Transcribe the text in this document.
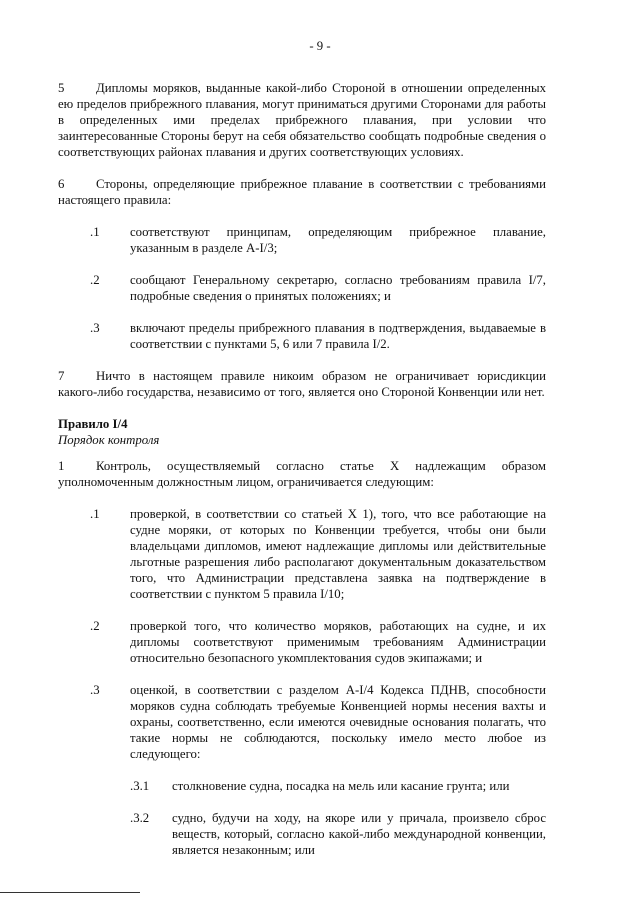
- 9 -

5 Дипломы моряков, выданные какой-либо Стороной в отношении определенных ею пределов прибрежного плавания, могут приниматься другими Сторонами для работы в определенных ими пределах прибрежного плавания, при условии что заинтересованные Стороны берут на себя обязательство сообщать подробные сведения о соответствующих районах плавания и других соответствующих условиях.

6 Стороны, определяющие прибрежное плавание в соответствии с требованиями настоящего правила:

.1 соответствуют принципам, определяющим прибрежное плавание, указанным в разделе A-I/3;
.2 сообщают Генеральному секретарю, согласно требованиям правила I/7, подробные сведения о принятых положениях; и
.3 включают пределы прибрежного плавания в подтверждения, выдаваемые в соответствии с пунктами 5, 6 или 7 правила I/2.

7 Ничто в настоящем правиле никоим образом не ограничивает юрисдикции какого-либо государства, независимо от того, является оно Стороной Конвенции или нет.

Правило I/4

Порядок контроля

1 Контроль, осуществляемый согласно статье X надлежащим образом уполномоченным должностным лицом, ограничивается следующим:

.1 проверкой, в соответствии со статьей X 1), того, что все работающие на судне моряки, от которых по Конвенции требуется, чтобы они были владельцами дипломов, имеют надлежащие дипломы или действительные льготные разрешения либо располагают документальным доказательством того, что Администрации представлена заявка на подтверждение в соответствии с пунктом 5 правила I/10;
.2 проверкой того, что количество моряков, работающих на судне, и их дипломы соответствуют применимым требованиям Администрации относительно безопасного укомплектования судов экипажами; и
.3 оценкой, в соответствии с разделом A-I/4 Кодекса ПДНВ, способности моряков судна соблюдать требуемые Конвенцией нормы несения вахты и охраны, соответственно, если имеются очевидные основания полагать, что такие нормы не соблюдаются, поскольку имело место любое из следующего:
.3.1 столкновение судна, посадка на мель или касание грунта; или
.3.2 судно, будучи на ходу, на якоре или у причала, произвело сброс веществ, который, согласно какой-либо международной конвенции, является незаконным; или
